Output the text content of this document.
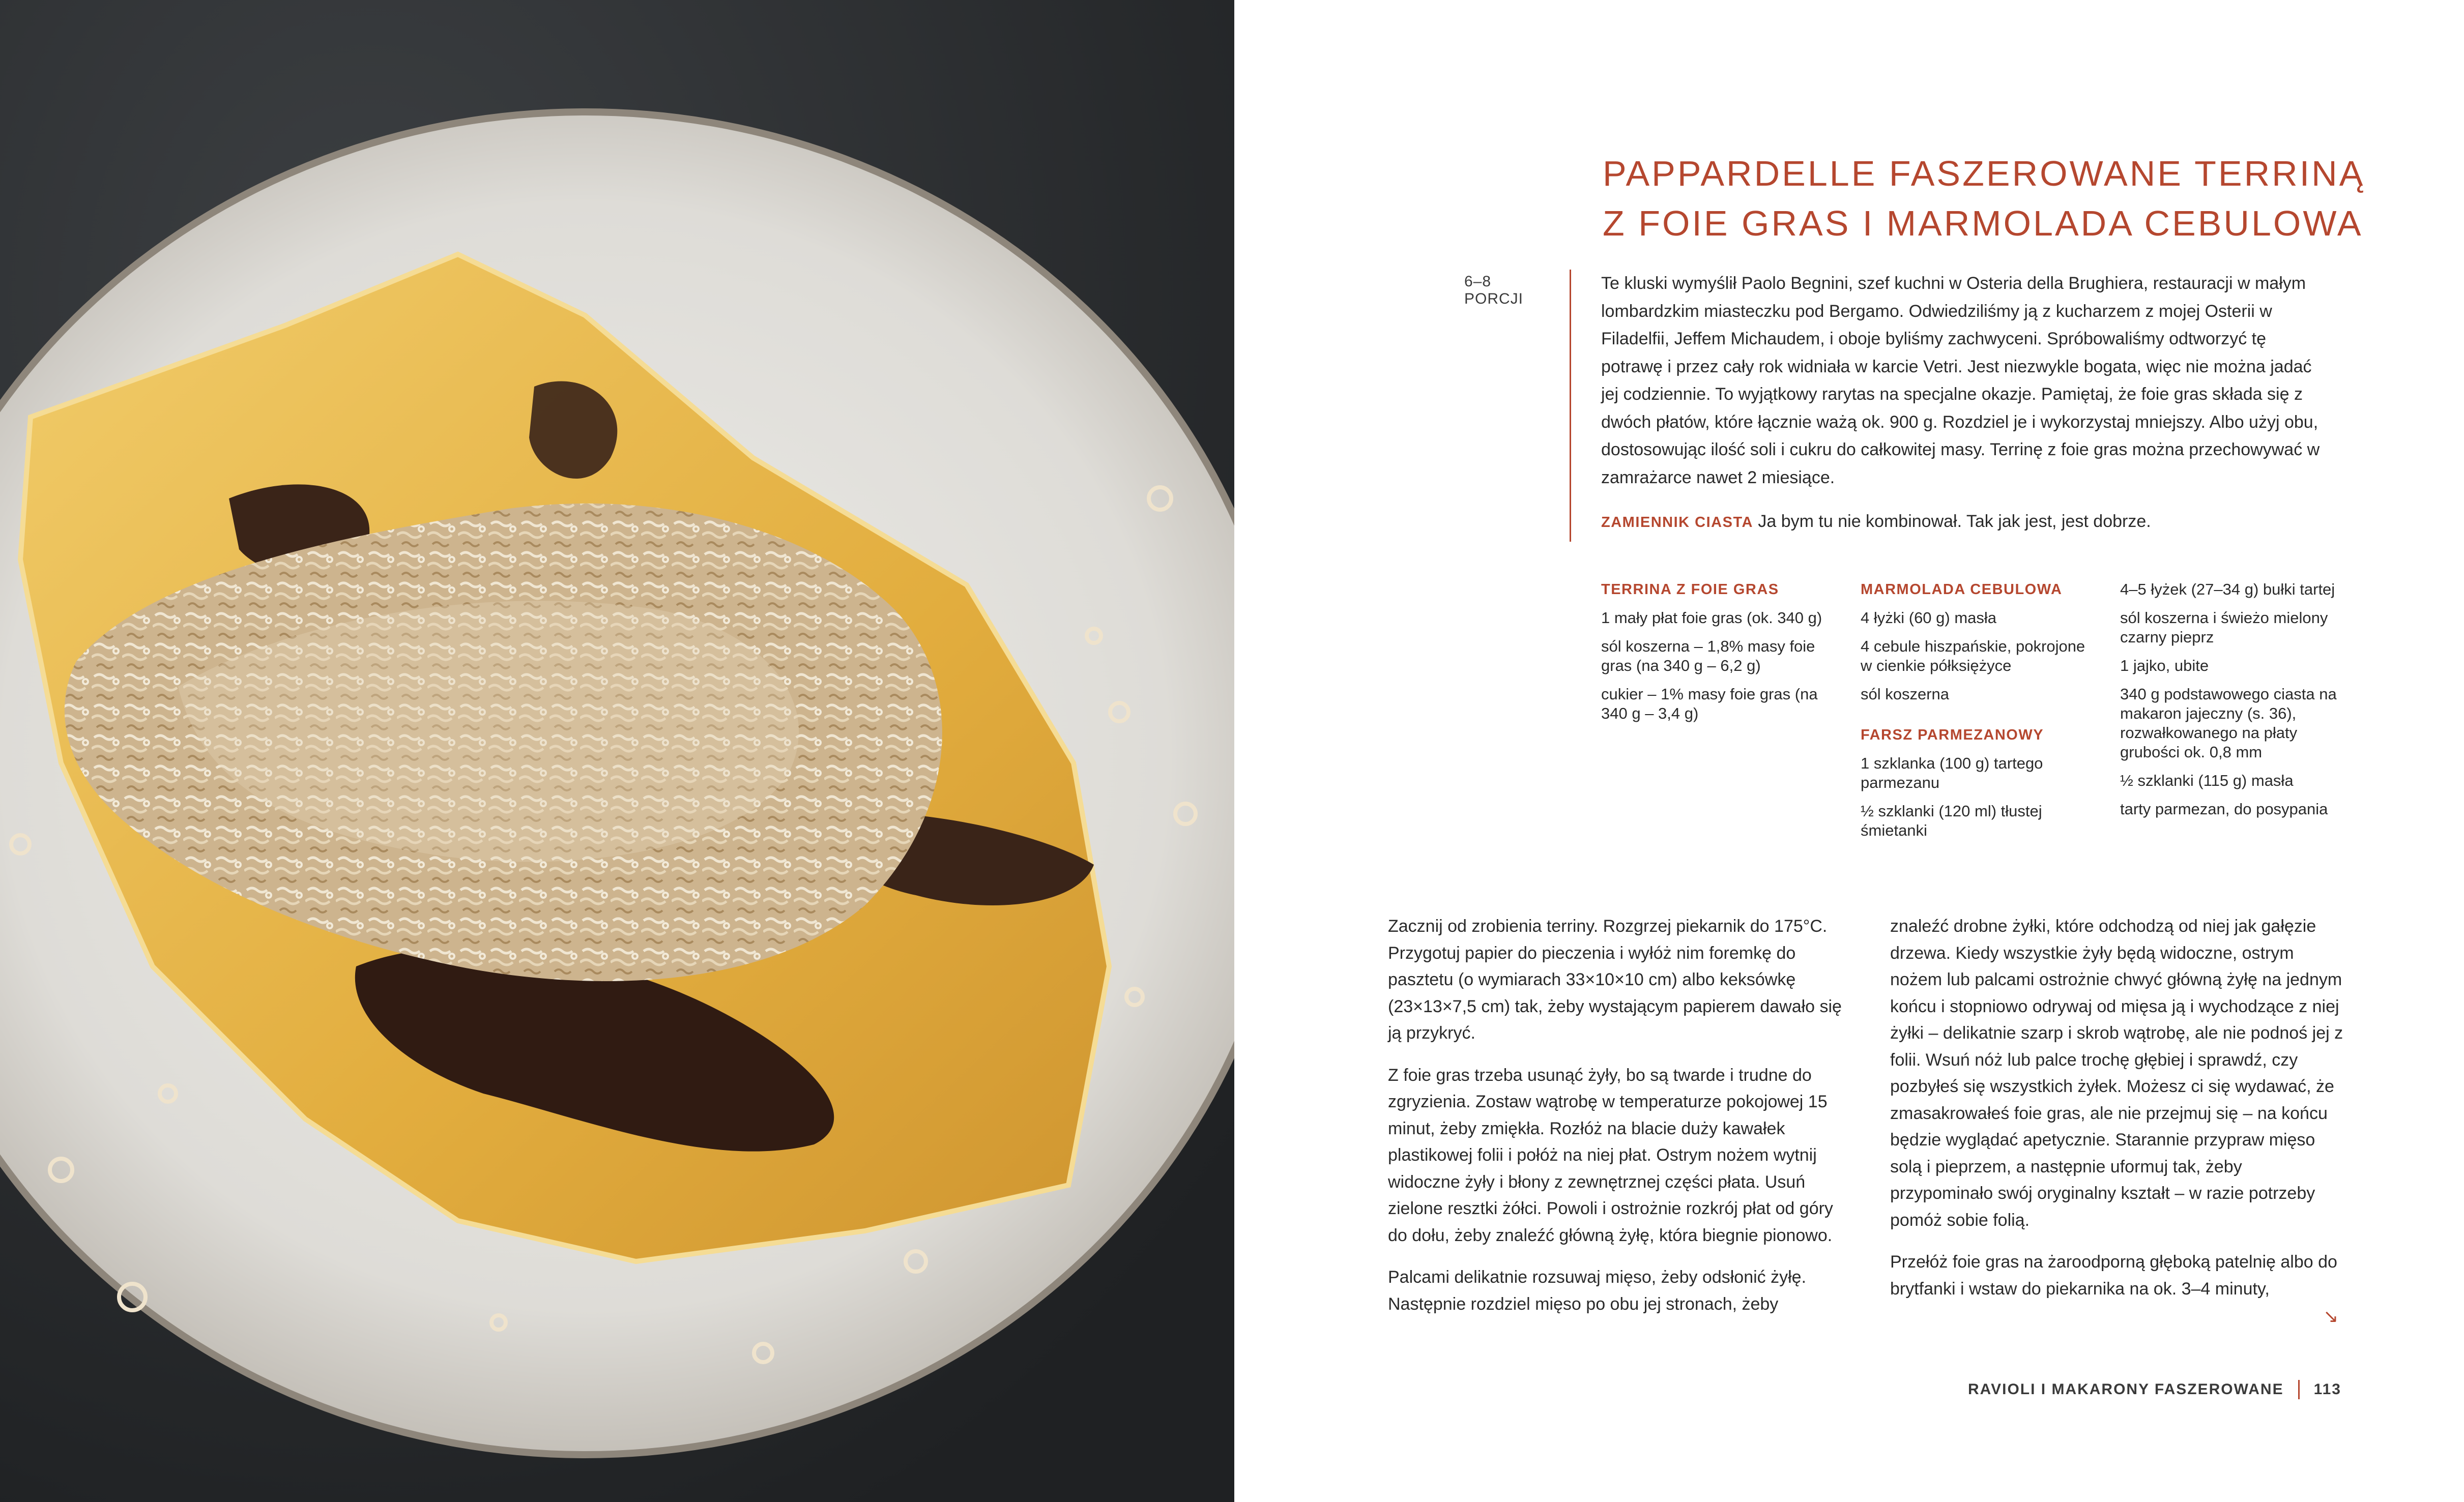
PAPPARDELLE FASZEROWANE TERRINĄ
Z FOIE GRAS I MARMOLADA CEBULOWA
6–8 PORCJI

Te kluski wymyślił Paolo Begnini, szef kuchni w Osteria della Brughiera, restauracji w małym lombardzkim miasteczku pod Bergamo. Odwiedziliśmy ją z kucharzem z mojej Osterii w Filadelfii, Jeffem Michaudem, i oboje byliśmy zachwyceni. Spróbowaliśmy odtworzyć tę potrawę i przez cały rok widniała w karcie Vetri. Jest niezwykle bogata, więc nie można jadać jej codziennie. To wyjątkowy rarytas na specjalne okazje. Pamiętaj, że foie gras składa się z dwóch płatów, które łącznie ważą ok. 900 g. Rozdziel je i wykorzystaj mniejszy. Albo użyj obu, dostosowując ilość soli i cukru do całkowitej masy. Terrinę z foie gras można przechowywać w zamrażarce nawet 2 miesiące.

ZAMIENNIK CIASTA Ja bym tu nie kombinował. Tak jak jest, jest dobrze.

TERRINA Z FOIE GRAS

1 mały płat foie gras (ok. 340 g)

sól koszerna – 1,8% masy foie gras (na 340 g – 6,2 g)

cukier – 1% masy foie gras (na 340 g – 3,4 g)

MARMOLADA CEBULOWA

4 łyżki (60 g) masła

4 cebule hiszpańskie, pokrojone w cienkie półksiężyce

sól koszerna

FARSZ PARMEZANOWY

1 szklanka (100 g) tartego parmezanu

½ szklanki (120 ml) tłustej śmietanki

4–5 łyżek (27–34 g) bułki tartej

sól koszerna i świeżo mielony czarny pieprz

1 jajko, ubite

340 g podstawowego ciasta na makaron jajeczny (s. 36), rozwałkowanego na płaty grubości ok. 0,8 mm

½ szklanki (115 g) masła

tarty parmezan, do posypania

Zacznij od zrobienia terriny. Rozgrzej piekarnik do 175°C. Przygotuj papier do pieczenia i wyłóż nim foremkę do pasztetu (o wymiarach 33×10×10 cm) albo keksówkę (23×13×7,5 cm) tak, żeby wystającym papierem dawało się ją przykryć.

Z foie gras trzeba usunąć żyły, bo są twarde i trudne do zgryzienia. Zostaw wątrobę w temperaturze pokojowej 15 minut, żeby zmiękła. Rozłóż na blacie duży kawałek plastikowej folii i połóż na niej płat. Ostrym nożem wytnij widoczne żyły i błony z zewnętrznej części płata. Usuń zielone resztki żółci. Powoli i ostrożnie rozkrój płat od góry do dołu, żeby znaleźć główną żyłę, która biegnie pionowo.

Palcami delikatnie rozsuwaj mięso, żeby odsłonić żyłę. Następnie rozdziel mięso po obu jej stronach, żeby

znaleźć drobne żyłki, które odchodzą od niej jak gałęzie drzewa. Kiedy wszystkie żyły będą widoczne, ostrym nożem lub palcami ostrożnie chwyć główną żyłę na jednym końcu i stopniowo odrywaj od mięsa ją i wychodzące z niej żyłki – delikatnie szarp i skrob wątrobę, ale nie podnoś jej z folii. Wsuń nóż lub palce trochę głębiej i sprawdź, czy pozbyłeś się wszystkich żyłek. Możesz ci się wydawać, że zmasakrowałeś foie gras, ale nie przejmuj się – na końcu będzie wyglądać apetycznie. Starannie przypraw mięso solą i pieprzem, a następnie uformuj tak, żeby przypominało swój oryginalny kształt – w razie potrzeby pomóż sobie folią.

Przełóż foie gras na żaroodporną głęboką patelnię albo do brytfanki i wstaw do piekarnika na ok. 3–4 minuty,

↘
RAVIOLI I MAKARONY FASZEROWANE 113
